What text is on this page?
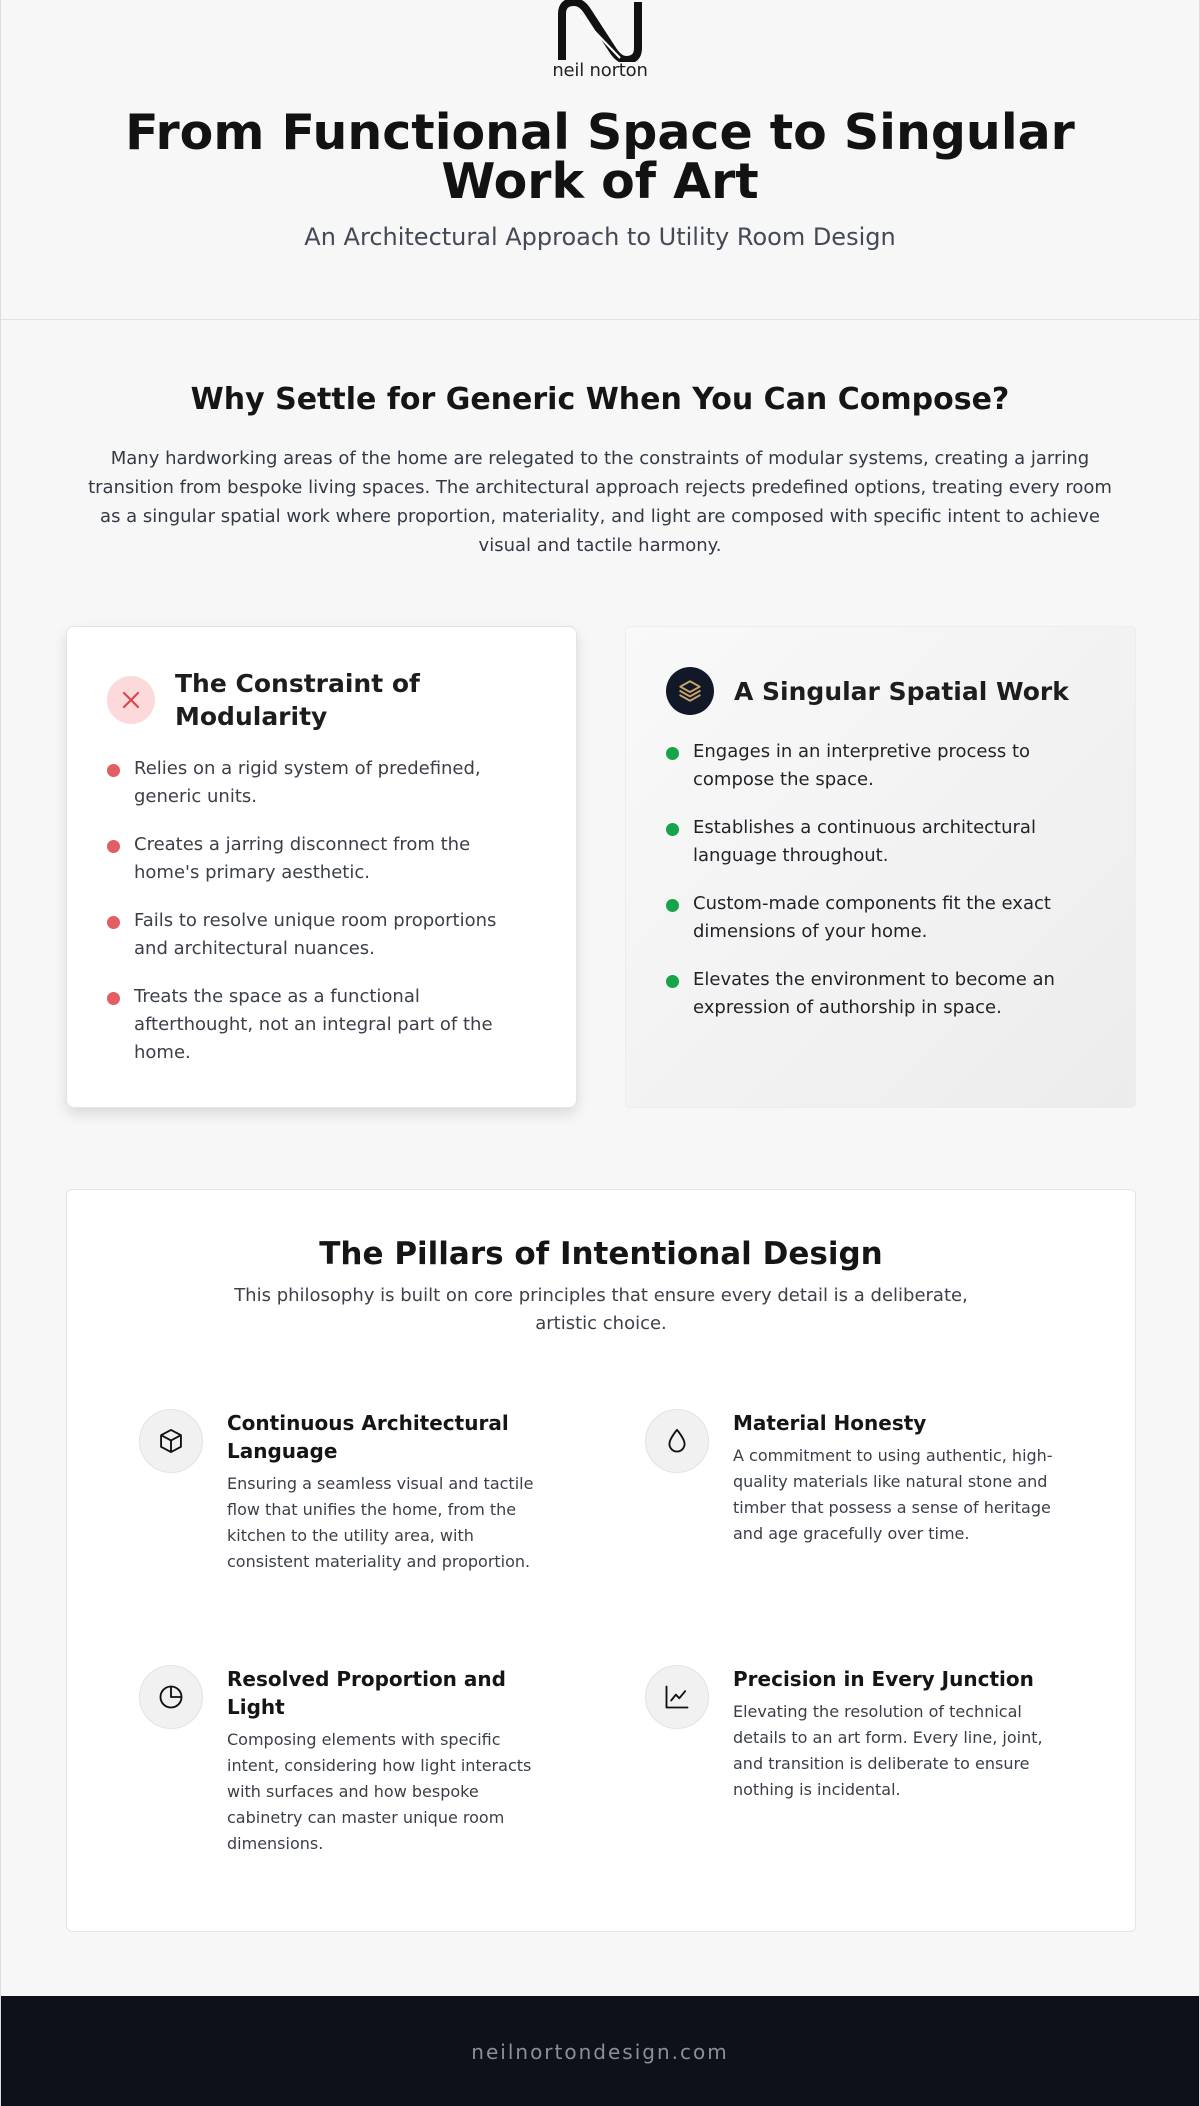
neil norton
From Functional Space to Singular Work of Art

An Architectural Approach to Utility Room Design

Why Settle for Generic When You Can Compose?

Many hardworking areas of the home are relegated to the constraints of modular systems, creating a jarring transition from bespoke living spaces. The architectural approach rejects predefined options, treating every room as a singular spatial work where proportion, materiality, and light are composed with specific intent to achieve visual and tactile harmony.

The Constraint of Modularity
Relies on a rigid system of predefined, generic units.
Creates a jarring disconnect from the home's primary aesthetic.
Fails to resolve unique room proportions and architectural nuances.
Treats the space as a functional afterthought, not an integral part of the home.
A Singular Spatial Work
Engages in an interpretive process to compose the space.
Establishes a continuous architectural language throughout.
Custom-made components fit the exact dimensions of your home.
Elevates the environment to become an expression of authorship in space.
The Pillars of Intentional Design

This philosophy is built on core principles that ensure every detail is a deliberate, artistic choice.

Continuous Architectural Language

Ensuring a seamless visual and tactile flow that unifies the home, from the kitchen to the utility area, with consistent materiality and proportion.

Material Honesty

A commitment to using authentic, high-quality materials like natural stone and timber that possess a sense of heritage and age gracefully over time.

Resolved Proportion and Light

Composing elements with specific intent, considering how light interacts with surfaces and how bespoke cabinetry can master unique room dimensions.

Precision in Every Junction

Elevating the resolution of technical details to an art form. Every line, joint, and transition is deliberate to ensure nothing is incidental.

neilnortondesign.com
